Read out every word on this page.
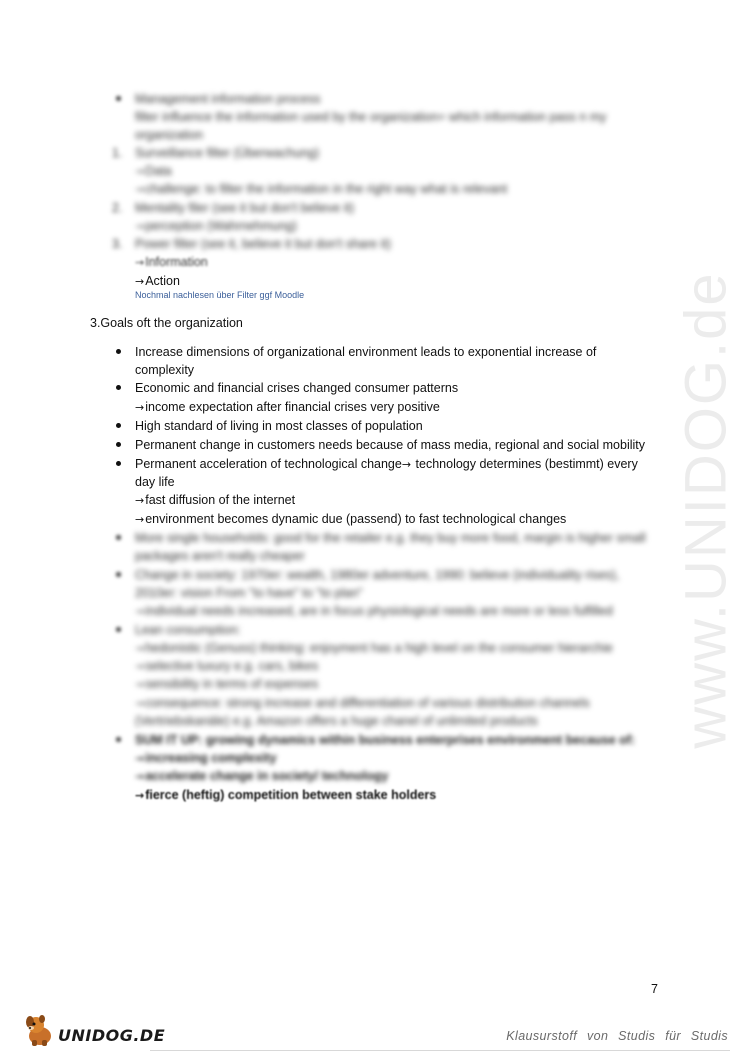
www.UNIDOG.de
Management information process
filter influence the information used by the organization= which information pass n my
organization
1. Surveillance filter (Überwachung)
→Data
→challenge: to filter the information in the right way what is relevant
2. Mentality filer (see it but don't believe it)
→perception (Wahrnehmung)
3. Power filter (see it, believe it but don't share it)
→Information
→Action
Nochmal nachlesen über Filter ggf Moodle
3.Goals oft the organization
Increase dimensions of organizational environment leads to exponential increase of
complexity
Economic and financial crises changed consumer patterns
→income expectation after financial crises very positive
High standard of living in most classes of population
Permanent change in customers needs because of mass media, regional and social mobility
Permanent acceleration of technological change→ technology determines (bestimmt) every
day life
→fast diffusion of the internet
→environment becomes dynamic due (passend) to fast technological changes
More single households: good for the retailer e.g. they buy more food, margin is higher small
packages aren't really cheaper
Change in society: 1970er: wealth, 1980er adventure, 1990: believe (individuality rises),
2010er: vision From "to have" to "to plan"
→individual needs increased, are in focus physiological needs are more or less fulfilled
Lean consumption:
→hedonistic (Genuss) thinking: enjoyment has a high level on the consumer hierarchie
→selective luxury e.g. cars, bikes
→sensibility in terms of expenses
→consequence: strong increase and differentiation of various distribution channels
(Vertriebskanäle) e.g. Amazon offers a huge chanel of unlimited products
SUM IT UP: growing dynamics within business enterprises environment because of:
→increasing complexity
→accelerate change in society/ technology
→fierce (heftig) competition between stake holders
7
UNIDOG.DE	Klausurstoff von Studis für Studis
